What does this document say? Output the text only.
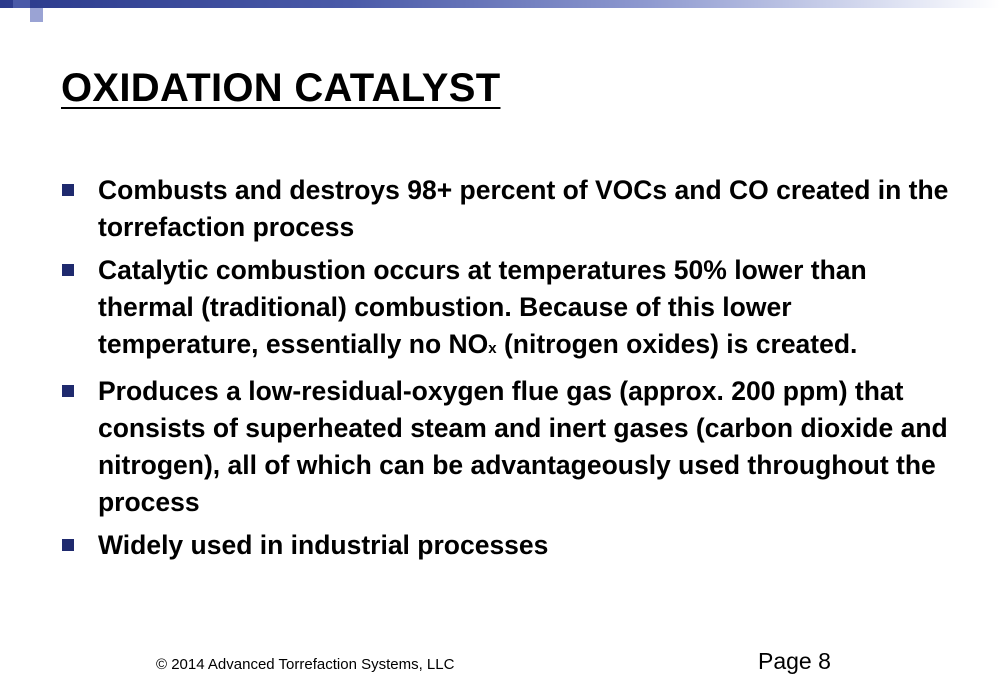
OXIDATION CATALYST
Combusts and destroys 98+ percent of VOCs and CO created in the torrefaction process
Catalytic combustion occurs at temperatures 50% lower than thermal (traditional) combustion. Because of this lower temperature, essentially no NOx (nitrogen oxides) is created.
Produces a low-residual-oxygen flue gas (approx. 200 ppm) that consists of superheated steam and inert gases (carbon dioxide and nitrogen), all of which can be advantageously used throughout the process
Widely used in industrial processes
© 2014 Advanced Torrefaction Systems, LLC	Page 8
